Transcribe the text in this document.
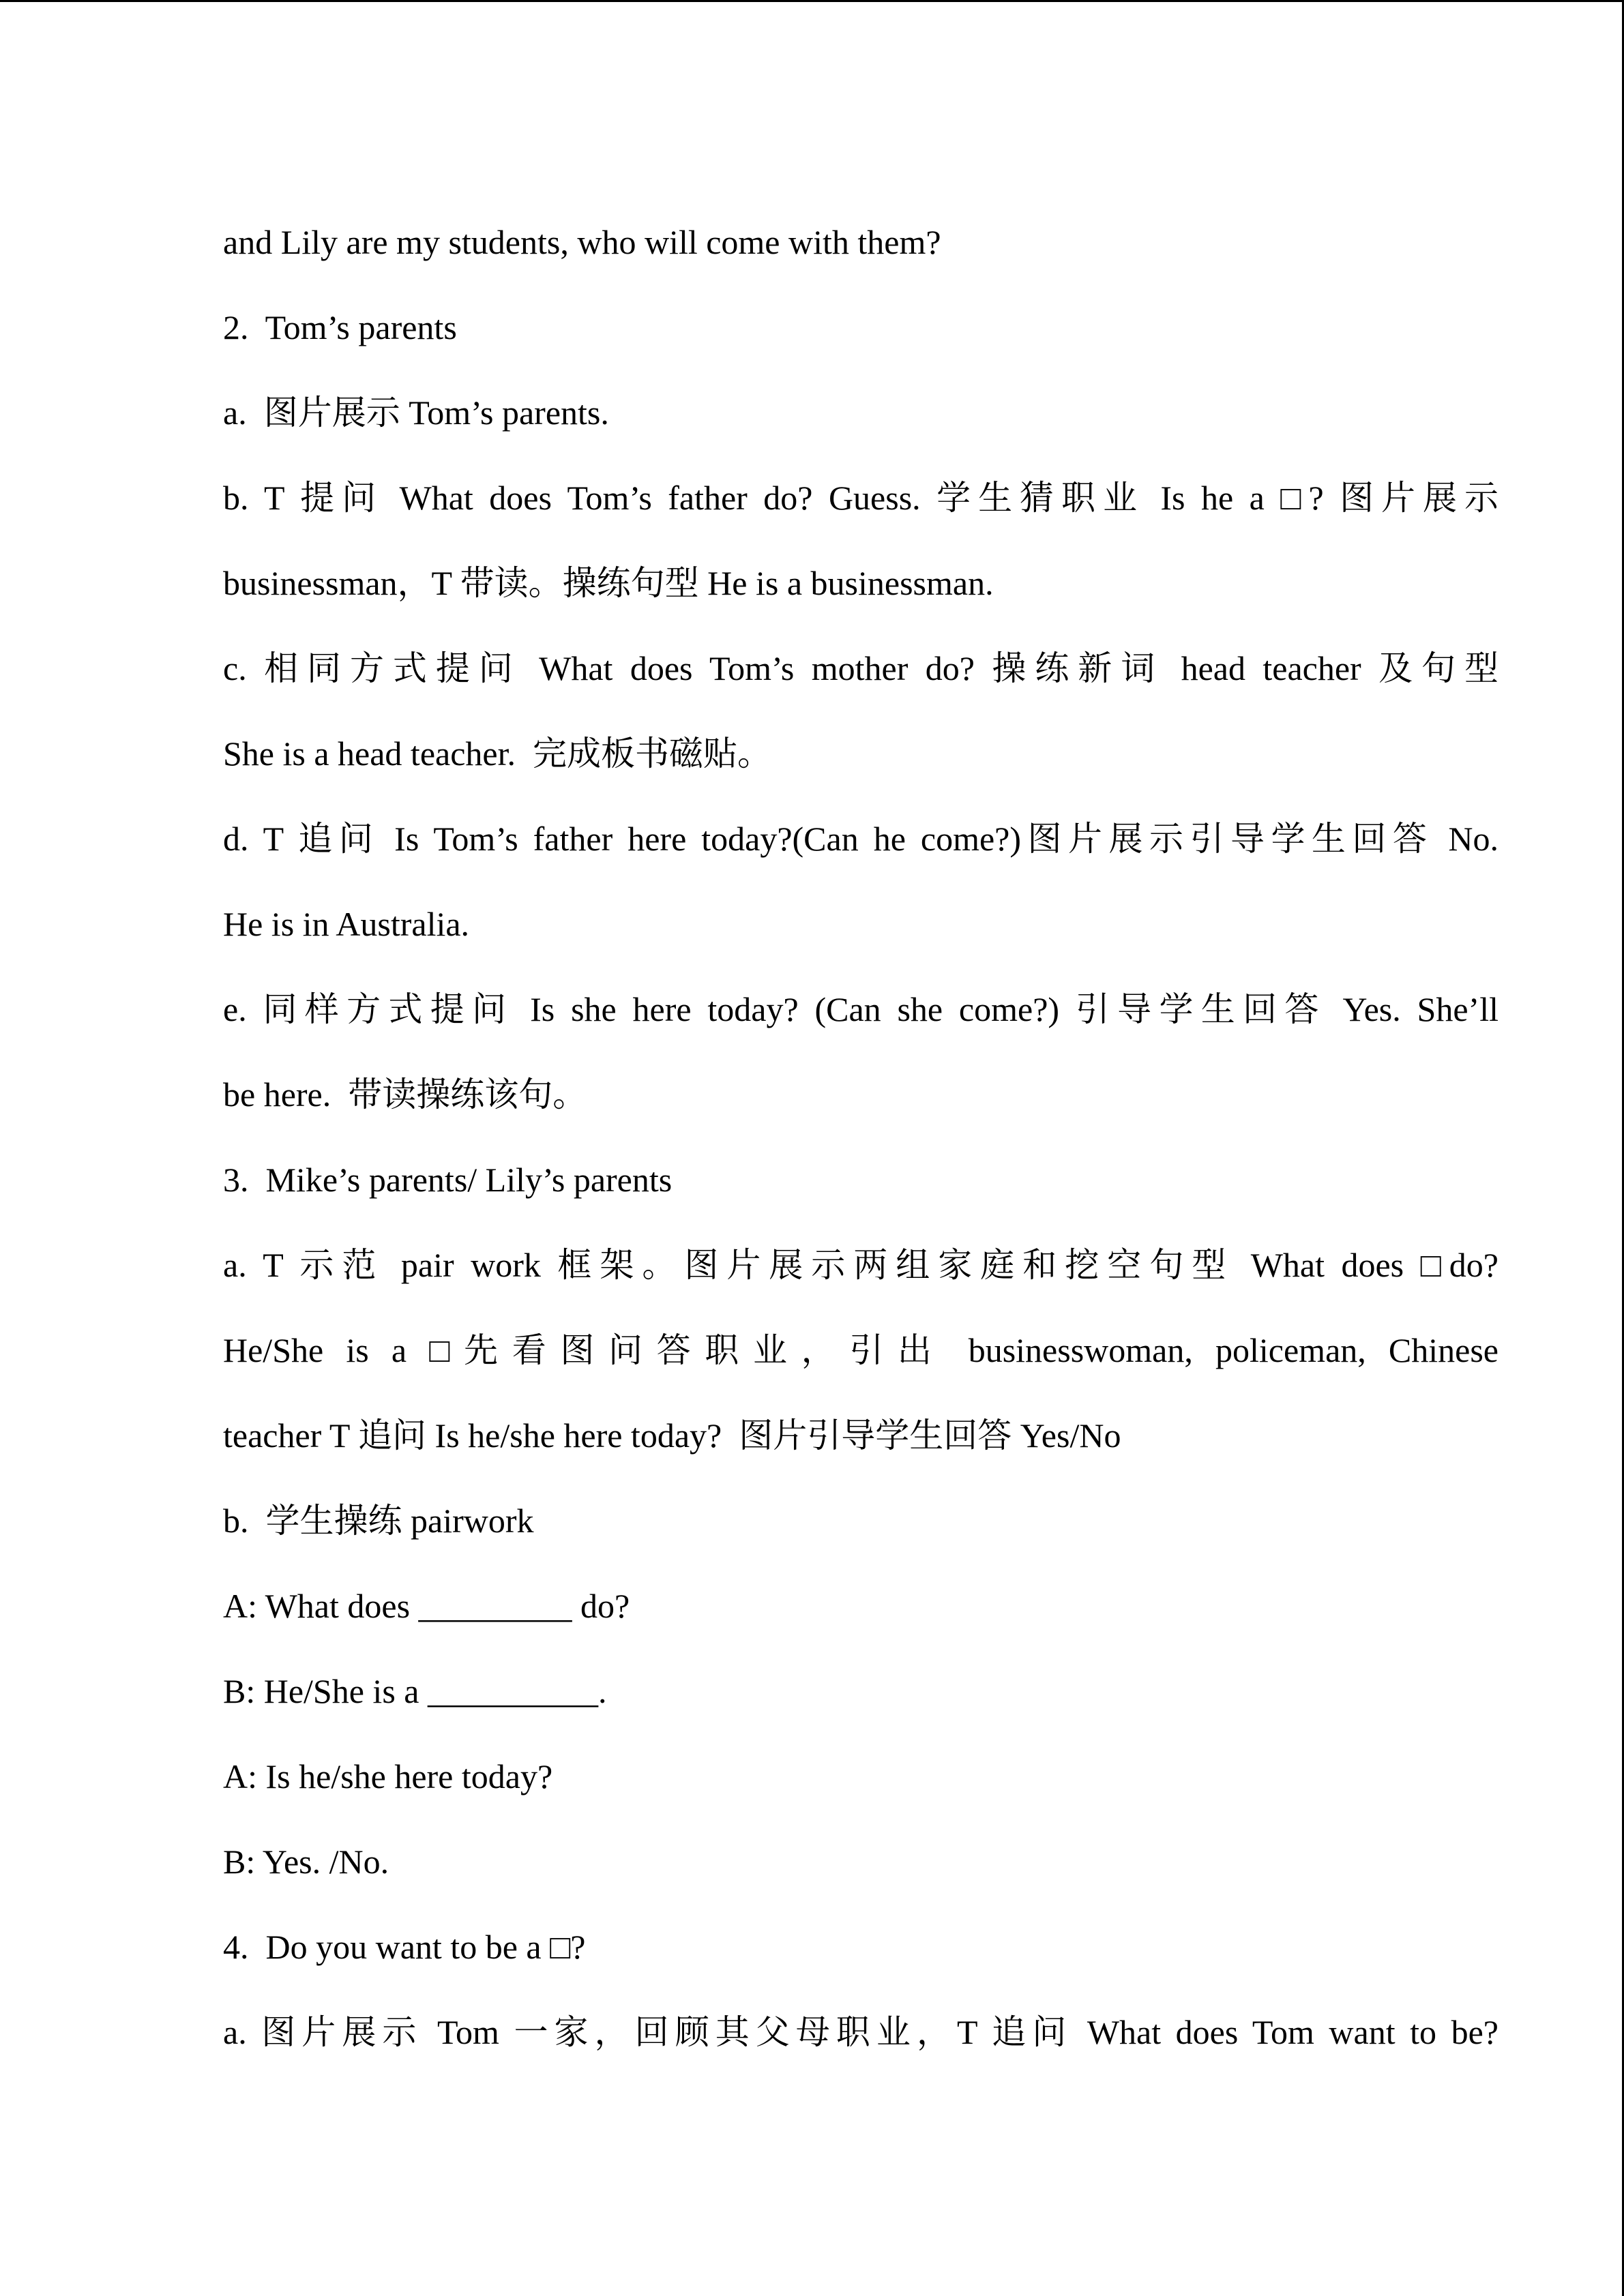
and Lily are my students, who will come with them?
2.  Tom’s parents
a.  图片展示 Tom’s parents.
b. T 提问 What does Tom’s father do? Guess. 学生猜职业 Is he a □? 图片展示
businessman，T 带读。操练句型 He is a businessman.
c. 相同方式提问 What does Tom’s mother do? 操练新词 head teacher 及句型
She is a head teacher.  完成板书磁贴。
d. T 追问 Is Tom’s father here today?(Can he come?)图片展示引导学生回答 No.
He is in Australia.
e. 同样方式提问 Is she here today? (Can she come?) 引导学生回答 Yes. She’ll
be here.  带读操练该句。
3.  Mike’s parents/ Lily’s parents
a. T 示范 pair work 框架。图片展示两组家庭和挖空句型 What does □do?
He/She is a □先看图问答职业，引出 businesswoman, policeman, Chinese
teacher T 追问 Is he/she here today?  图片引导学生回答 Yes/No
b.  学生操练 pairwork
A: What does _________ do?
B: He/She is a __________.
A: Is he/she here today?
B: Yes. /No.
4.  Do you want to be a □?
a. 图片展示 Tom 一家，回顾其父母职业，T 追问 What does Tom want to be?
